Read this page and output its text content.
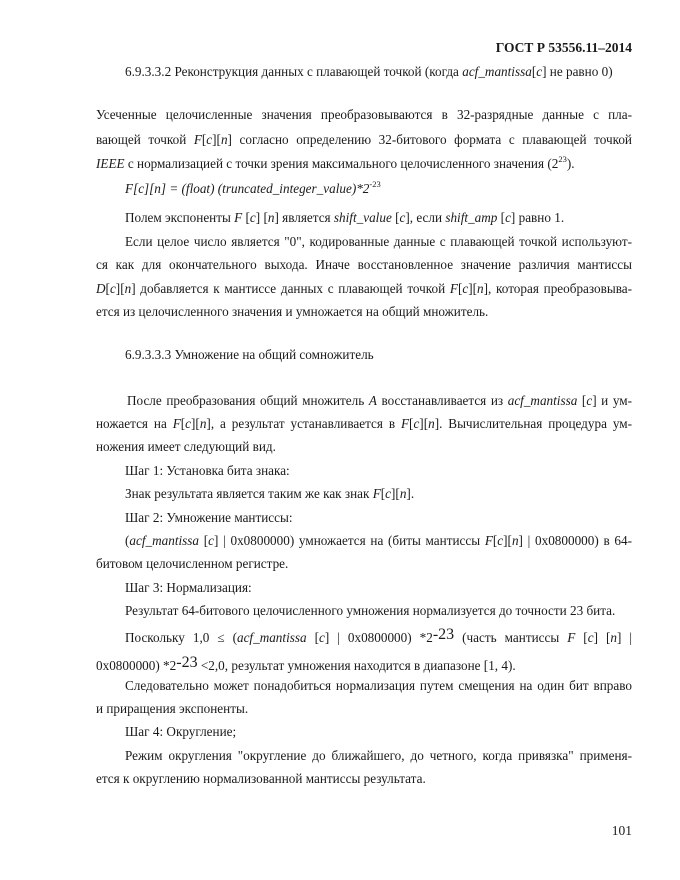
ГОСТ Р 53556.11–2014
6.9.3.3.2 Реконструкция данных с плавающей точкой (когда acf_mantissa[c] не равно 0)
Усеченные целочисленные значения преобразовываются в 32-разрядные данные с пла-
вающей точкой F[c][n] согласно определению 32-битового формата с плавающей точкой
IEEE с нормализацией с точки зрения максимального целочисленного значения $(2^{23})$.
F[c][n] = (float) $(truncated\_integer\_value)*2^{-23}$
Полем экспоненты F [c] [n] является shift_value [c], если shift_amp [c] равно 1.
Если целое число является "0", кодированные данные с плавающей точкой используют-
ся как для окончательного выхода. Иначе восстановленное значение различия мантиссы
D[c][n] добавляется к мантиссе данных с плавающей точкой F[c][n], которая преобразовыва-
ется из целочисленного значения и умножается на общий множитель.
6.9.3.3.3 Умножение на общий сомножитель
После преобразования общий множитель A восстанавливается из acf_mantissa [c] и ум-
ножается на F[c][n], а результат устанавливается в F[c][n]. Вычислительная процедура ум-
ножения имеет следующий вид.
Шаг 1: Установка бита знака:
Знак результата является таким же как знак F[c][n].
Шаг 2: Умножение мантиссы:
(acf_mantissa [c] | 0x0800000) умножается на (биты мантиссы F[c][n] | 0x0800000) в 64-
битовом целочисленном регистре.
Шаг 3: Нормализация:
Результат 64-битового целочисленного умножения нормализуется до точности 23 бита.
Поскольку 1,0 ≤ (acf_mantissa [c] | 0x0800000) *2-23 (часть мантиссы F [c] [n] |
0x0800000) *2-23 <2,0, результат умножения находится в диапазоне [1, 4).
Следовательно может понадобиться нормализация путем смещения на один бит вправо
и приращения экспоненты.
Шаг 4: Округление;
Режим округления "округление до ближайшего, до четного, когда привязка" применя-
ется к округлению нормализованной мантиссы результата.
101
